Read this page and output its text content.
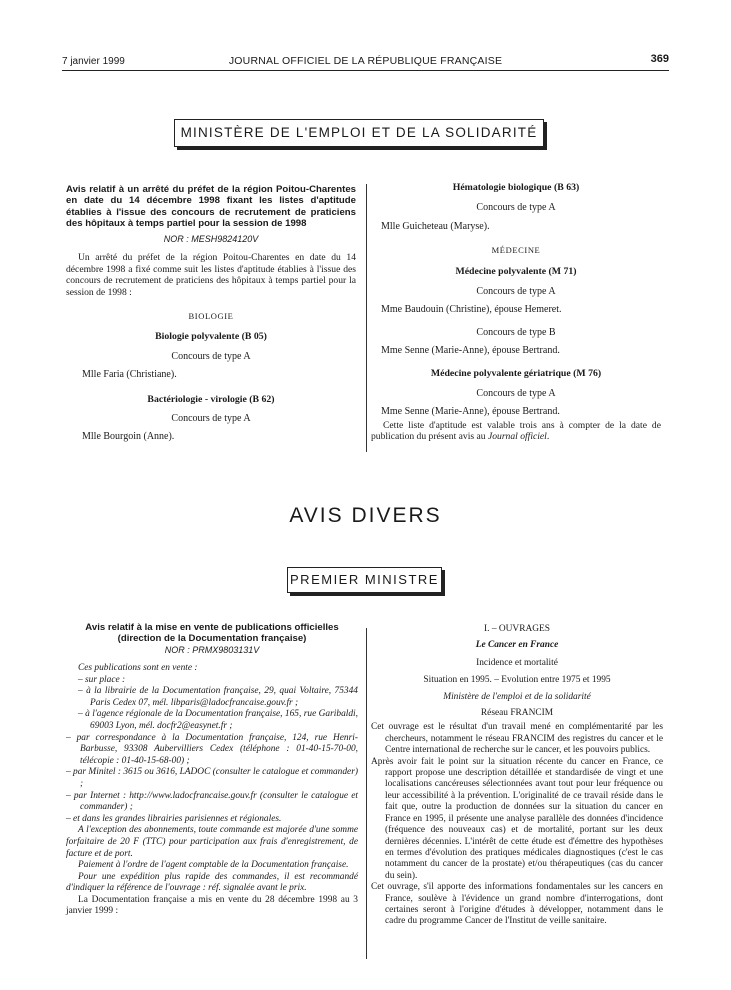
7 janvier 1999	JOURNAL OFFICIEL DE LA RÉPUBLIQUE FRANÇAISE	369
MINISTÈRE DE L'EMPLOI ET DE LA SOLIDARITÉ

Avis relatif à un arrêté du préfet de la région Poitou-Charentes en date du 14 décembre 1998 fixant les listes d'aptitude établies à l'issue des concours de recrutement de praticiens des hôpitaux à temps partiel pour la session de 1998

NOR : MESH9824120V

Un arrêté du préfet de la région Poitou-Charentes en date du 14 décembre 1998 a fixé comme suit les listes d'aptitude établies à l'issue des concours de recrutement de praticiens des hôpitaux à temps partiel pour la session de 1998 :

BIOLOGIE

Biologie polyvalente (B 05)

Concours de type A

Mlle Faria (Christiane).

Bactériologie - virologie (B 62)

Concours de type A

Mlle Bourgoin (Anne).

Hématologie biologique (B 63)

Concours de type A

Mlle Guicheteau (Maryse).

MÉDECINE

Médecine polyvalente (M 71)

Concours de type A

Mme Baudouin (Christine), épouse Hemeret.

Concours de type B

Mme Senne (Marie-Anne), épouse Bertrand.

Médecine polyvalente gériatrique (M 76)

Concours de type A

Mme Senne (Marie-Anne), épouse Bertrand.

Cette liste d'aptitude est valable trois ans à compter de la date de publication du présent avis au Journal officiel.

AVIS DIVERS
PREMIER MINISTRE

Avis relatif à la mise en vente de publications officielles (direction de la Documentation française)

NOR : PRMX9803131V

Ces publications sont en vente :

– sur place :

– à la librairie de la Documentation française, 29, quai Voltaire, 75344 Paris Cedex 07, mél. libparis@ladocfrancaise.gouv.fr ;

– à l'agence régionale de la Documentation française, 165, rue Garibaldi, 69003 Lyon, mél. docfr2@easynet.fr ;

– par correspondance à la Documentation française, 124, rue Henri-Barbusse, 93308 Aubervilliers Cedex (téléphone : 01-40-15-70-00, télécopie : 01-40-15-68-00) ;

– par Minitel : 3615 ou 3616, LADOC (consulter le catalogue et commander) ;

– par Internet : http://www.ladocfrancaise.gouv.fr (consulter le catalogue et commander) ;

– et dans les grandes librairies parisiennes et régionales.

A l'exception des abonnements, toute commande est majorée d'une somme forfaitaire de 20 F (TTC) pour participation aux frais d'enregistrement, de facture et de port.

Paiement à l'ordre de l'agent comptable de la Documentation française.

Pour une expédition plus rapide des commandes, il est recommandé d'indiquer la référence de l'ouvrage : réf. signalée avant le prix.

La Documentation française a mis en vente du 28 décembre 1998 au 3 janvier 1999 :

I. – OUVRAGES

Le Cancer en France

Incidence et mortalité

Situation en 1995. – Evolution entre 1975 et 1995

Ministère de l'emploi et de la solidarité

Réseau FRANCIM

Cet ouvrage est le résultat d'un travail mené en complémentarité par les chercheurs, notamment le réseau FRANCIM des registres du cancer et le Centre international de recherche sur le cancer, et les pouvoirs publics.

Après avoir fait le point sur la situation récente du cancer en France, ce rapport propose une description détaillée et standardisée de vingt et une localisations cancéreuses sélectionnées avant tout pour leur fréquence ou leur accessibilité à la prévention. L'originalité de ce travail réside dans le fait que, outre la production de données sur la situation du cancer en France en 1995, il présente une analyse parallèle des données d'incidence (fréquence des nouveaux cas) et de mortalité, portant sur les deux dernières décennies. L'intérêt de cette étude est d'émettre des hypothèses en termes d'évolution des pratiques médicales diagnostiques (c'est le cas notamment du cancer de la prostate) et/ou thérapeutiques (cas du cancer du sein).

Cet ouvrage, s'il apporte des informations fondamentales sur les cancers en France, soulève à l'évidence un grand nombre d'interrogations, dont certaines seront à l'origine d'études à développer, notamment dans le cadre du programme Cancer de l'Institut de veille sanitaire.
